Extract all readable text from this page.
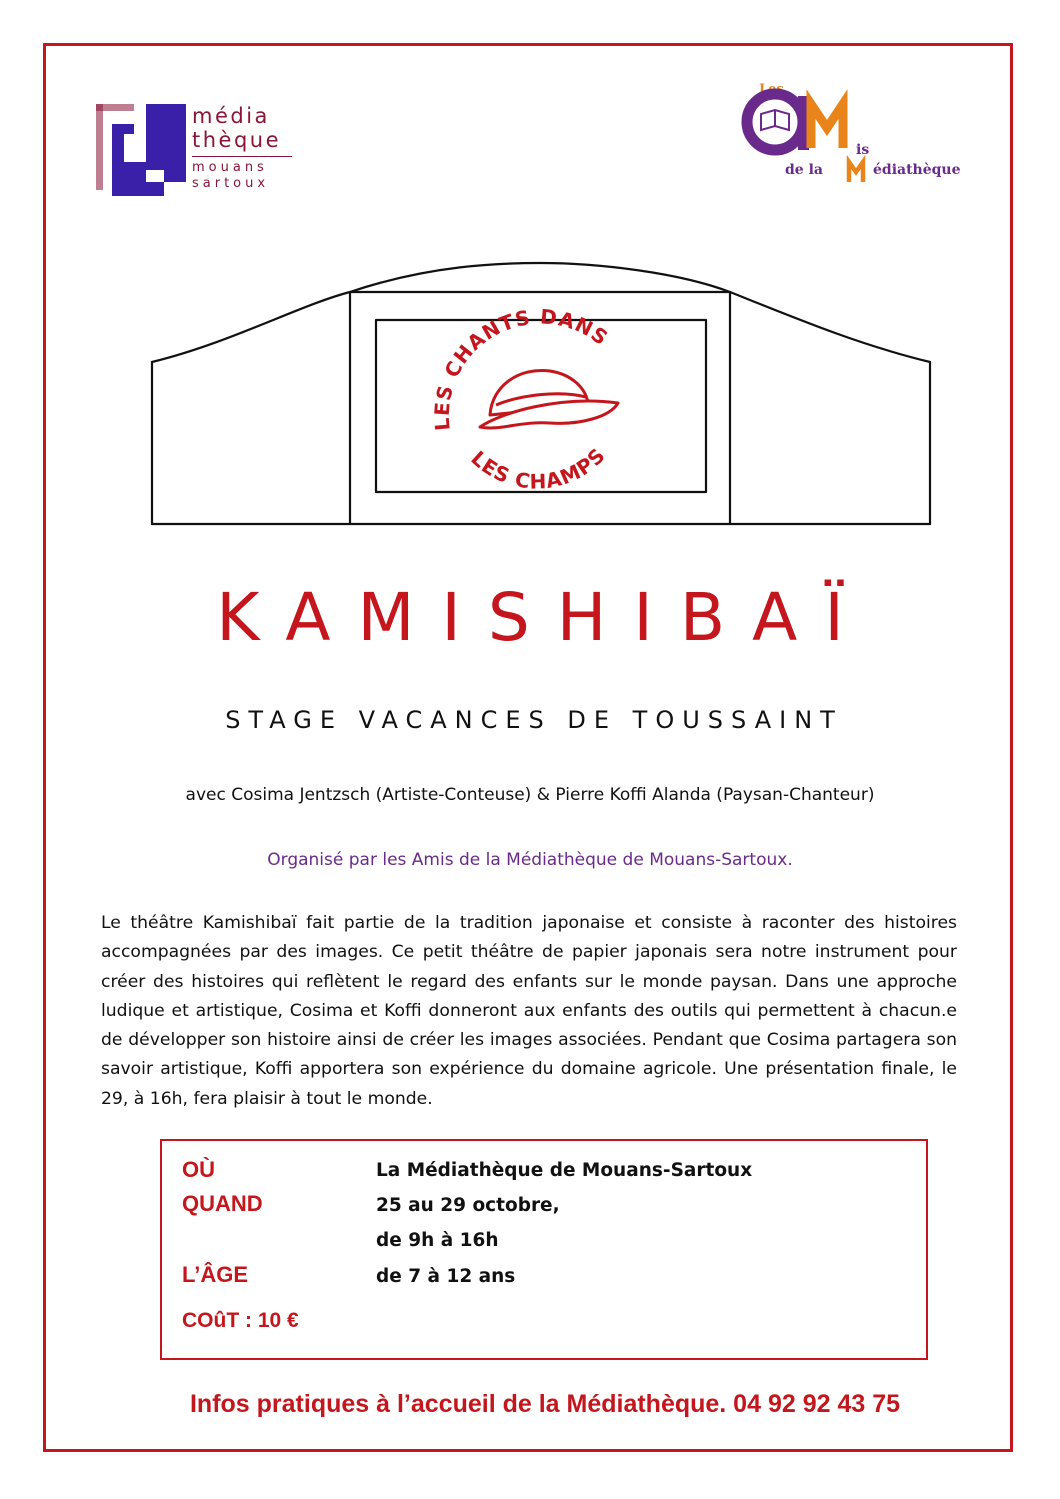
média
thèque
mouans
sartoux
Les
is
de la	édiathèque
LES CHANTS DANS
LES CHAMPS
KAMISHIBAÏ
STAGE VACANCES DE TOUSSAINT
avec Cosima Jentzsch (Artiste-Conteuse) & Pierre Koffi Alanda (Paysan-Chanteur)
Organisé par les Amis de la Médiathèque de Mouans-Sartoux.

Le théâtre Kamishibaï fait partie de la tradition japonaise et consiste à raconter des histoires accompagnées par des images. Ce petit théâtre de papier japonais sera notre instrument pour créer des histoires qui reflètent le regard des enfants sur le monde paysan. Dans une approche ludique et artistique, Cosima et Koffi donneront aux enfants des outils qui permettent à chacun.e de développer son histoire ainsi de créer les images associées. Pendant que Cosima partagera son savoir artistique, Koffi apportera son expérience du domaine agricole. Une présentation finale, le 29, à 16h, fera plaisir à tout le monde.

OÙ
QUAND
L’ÂGE
COûT : 10 €
La Médiathèque de Mouans-Sartoux
25 au 29 octobre,
de 9h à 16h
de 7 à 12 ans
Infos pratiques à l’accueil de la Médiathèque. 04 92 92 43 75
